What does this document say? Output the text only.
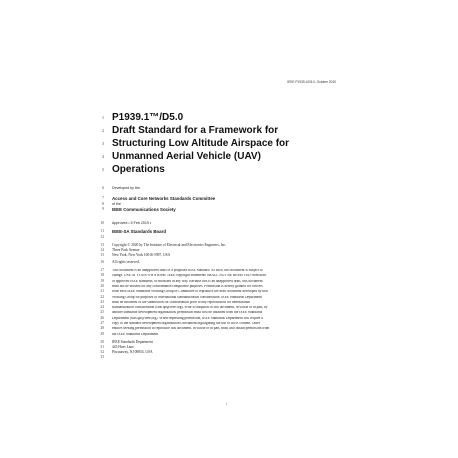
IEEE P1939.1/D5.0, October 2020
1 P1939.1™/D5.0
2 Draft Standard for a Framework for
3 Structuring Low Altitude Airspace for
4 Unmanned Aerial Vehicle (UAV)
5 Operations
6 Developed by the
7 Access and Core Networks Standards Committee
8 of the
9 IEEE Communications Society
10 Approved • 5 Feb 2019 •
11 IEEE-SA Standards Board
12
13 Copyright © 2020 by The Institute of Electrical and Electronics Engineers, Inc.
14 Three Park Avenue
15 New York, New York 10016-5997, USA
16 All rights reserved.
17 This document is an unapproved draft of a proposed IEEE Standard. As such, this document is subject to
18 change. USE AT YOUR OWN RISK! IEEE copyright statements SHALL NOT BE REMOVED from draft
19 or approved IEEE standards, or modified in any way. Because this is an unapproved draft, this document
20 must not be utilized for any conformance/compliance purposes. Permission is hereby granted for officers
21 from each IEEE Standards Working Group or Committee to reproduce the draft document developed by that
22 Working Group for purposes of international standardization consideration. IEEE Standards Department
23 must be informed of the submission for consideration prior to any reproduction for international
24 standardization consideration (stds.ipr@ieee.org). Prior to adoption of this document, in whole or in part, by
25 another standards development organization, permission must first be obtained from the IEEE Standards
26 Department (stds.ipr@ieee.org). When requesting permission, IEEE Standards Department will require a
27 copy of the standard development organization's document highlighting the use of IEEE content. Other
28 entities seeking permission to reproduce this document, in whole or in part, must also obtain permission from
29 the IEEE Standards Department.
30 IEEE Standards Department
31 445 Hoes Lane
32 Piscataway, NJ 08854, USA
33
i
